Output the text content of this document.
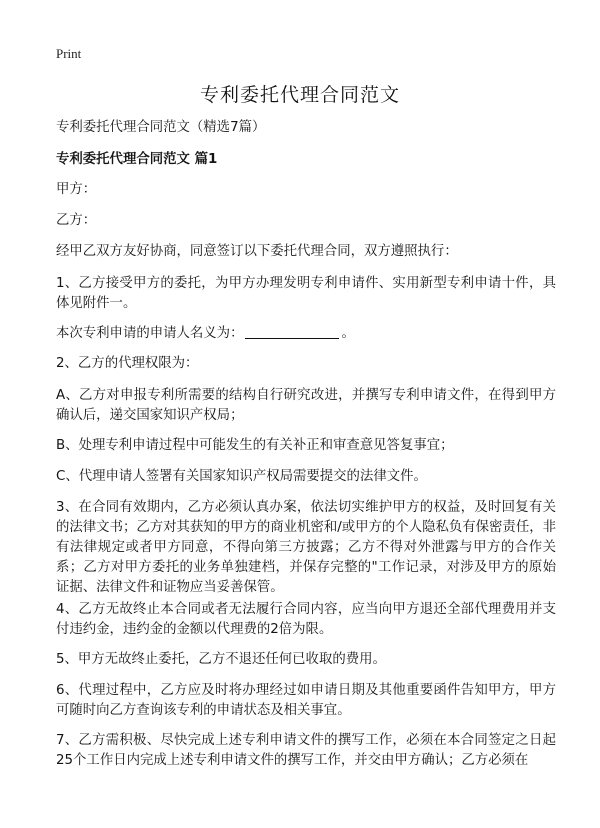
Print
专利委托代理合同范文

专利委托代理合同范文（精选7篇）

专利委托代理合同范文 篇1

甲方：

乙方：

经甲乙双方友好协商，同意签订以下委托代理合同，双方遵照执行：

1、乙方接受甲方的委托，为甲方办理发明专利申请件、实用新型专利申请十件，具体见附件一。

本次专利申请的申请人名义为：	。

2、乙方的代理权限为：

A、乙方对申报专利所需要的结构自行研究改进，并撰写专利申请文件，在得到甲方确认后，递交国家知识产权局；

B、处理专利申请过程中可能发生的有关补正和审查意见答复事宜；

C、代理申请人签署有关国家知识产权局需要提交的法律文件。

3、在合同有效期内，乙方必须认真办案，依法切实维护甲方的权益，及时回复有关的法律文书；乙方对其获知的甲方的商业机密和/或甲方的个人隐私负有保密责任，非有法律规定或者甲方同意，不得向第三方披露；乙方不得对外泄露与甲方的合作关系；乙方对甲方委托的业务单独建档，并保存完整的"工作记录，对涉及甲方的原始证据、法律文件和证物应当妥善保管。

4、乙方无故终止本合同或者无法履行合同内容，应当向甲方退还全部代理费用并支付违约金，违约金的金额以代理费的2倍为限。

5、甲方无故终止委托，乙方不退还任何已收取的费用。

6、代理过程中，乙方应及时将办理经过如申请日期及其他重要函件告知甲方，甲方可随时向乙方查询该专利的申请状态及相关事宜。

7、乙方需积极、尽快完成上述专利申请文件的撰写工作，必须在本合同签定之日起25个工作日内完成上述专利申请文件的撰写工作，并交由甲方确认；乙方必须在
